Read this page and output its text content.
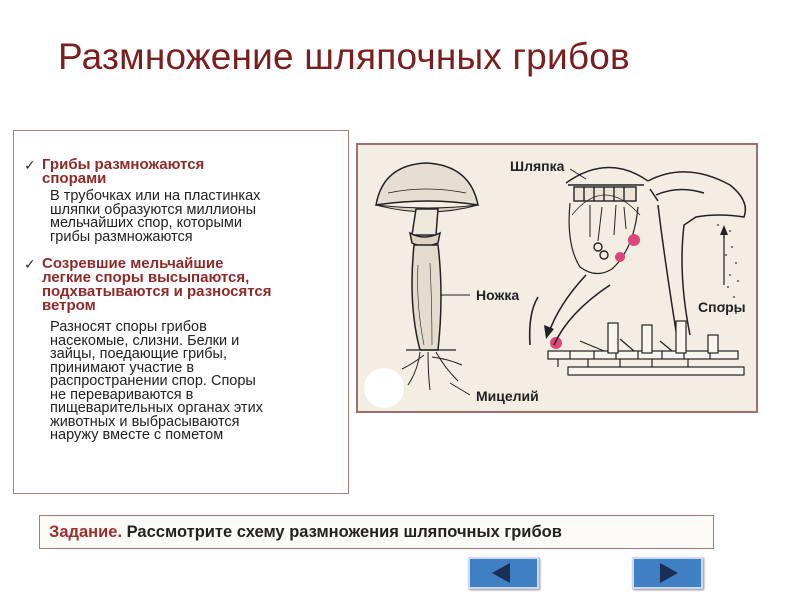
Размножение шляпочных грибов
✓ Грибы размножаются спорами
В трубочках или на пластинках
шляпки образуются миллионы
мельчайших спор, которыми
грибы размножаются
✓ Созревшие мельчайшие
легкие споры высыпаются,
подхватываются и разносятся
ветром
Разносят споры грибов
насекомые, слизни. Белки и
зайцы, поедающие грибы,
принимают участие в
распространении спор. Споры
не перевариваются в
пищеварительных органах этих
животных и выбрасываются
наружу вместе с пометом
Шляпка
Ножка
Споры
Мицелий
Задание. Рассмотрите схему размножения шляпочных грибов
